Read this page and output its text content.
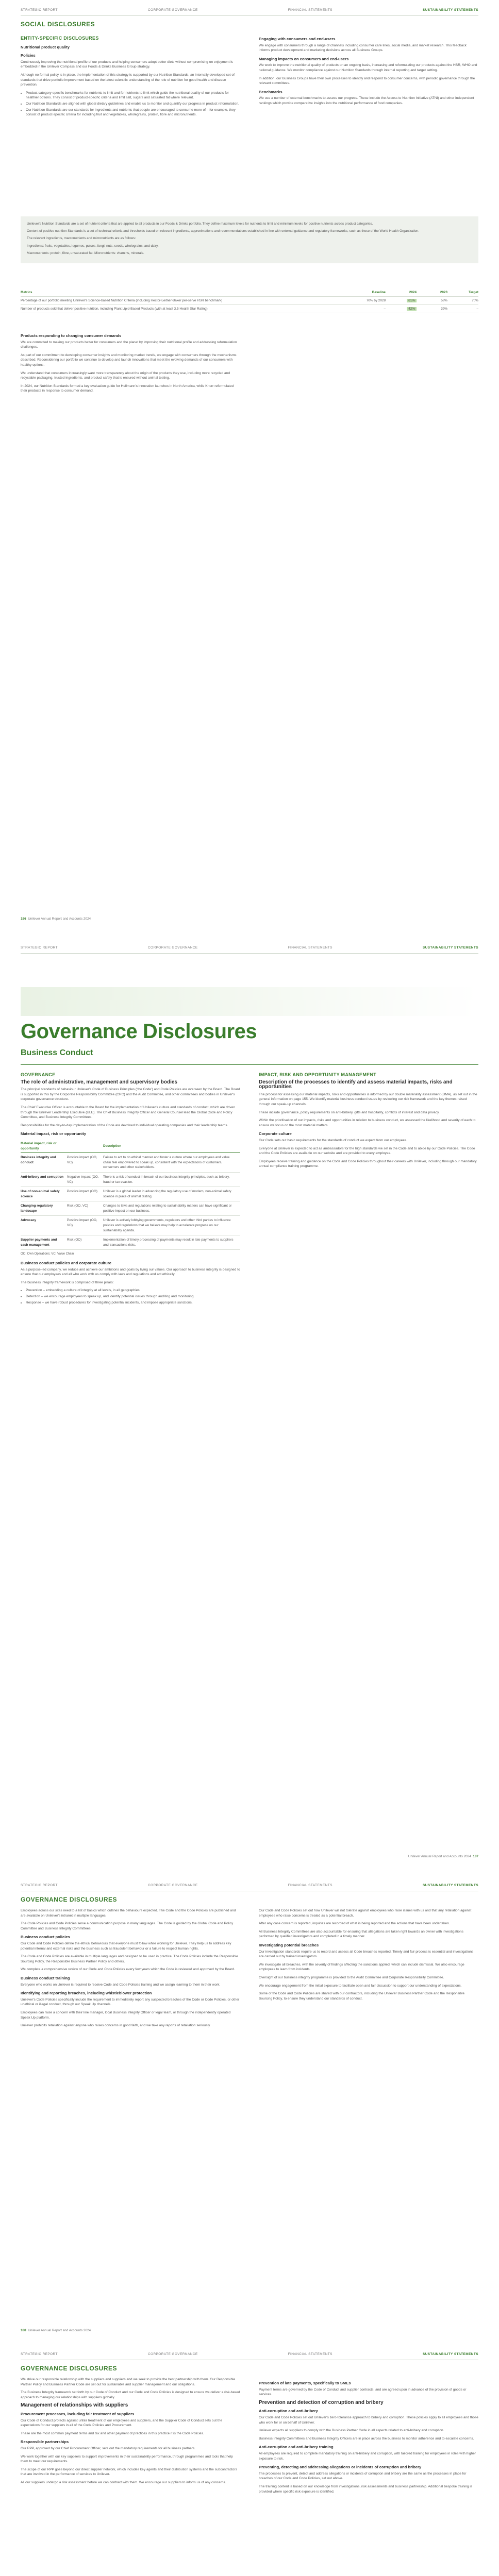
STRATEGIC REPORT	CORPORATE GOVERNANCE	FINANCIAL STATEMENTS	SUSTAINABILITY STATEMENTS
SOCIAL DISCLOSURES
ENTITY-SPECIFIC DISCLOSURES
Nutritional product quality
Policies

Continuously improving the nutritional profile of our products and helping consumers adopt better diets without compromising on enjoyment is embedded in the Unilever Compass and our Foods & Drinks Business Group strategy.

Although no formal policy is in place, the implementation of this strategy is supported by our Nutrition Standards, an internally developed set of standards that drive portfolio improvement based on the latest scientific understanding of the role of nutrition for good health and disease prevention.

• Product category-specific benchmarks for nutrients to limit and for nutrients to limit which guide the nutritional quality of our products for healthier options. They consist of product-specific criteria and limit salt, sugars and saturated fat where relevant.
• Our Nutrition Standards are aligned with global dietary guidelines and enable us to monitor and quantify our progress in product reformulation.
• Our Nutrition Standards are our standards for ingredients and nutrients that people are encouraged to consume more of – for example, they consist of product-specific criteria for including fruit and vegetables, wholegrains, protein, fibre and micronutrients.
Engaging with consumers and end-users

We engage with consumers through a range of channels including consumer care lines, social media, and market research. This feedback informs product development and marketing decisions across all Business Groups.

Managing impacts on consumers and end-users

We work to improve the nutritional quality of products on an ongoing basis, increasing and reformulating our products against the HSR, WHO and national guidance. We monitor compliance against our Nutrition Standards through internal reporting and target setting.

In addition, our Business Groups have their own processes to identify and respond to consumer concerns, with periodic governance through the relevant committees.

Benchmarks

We use a number of external benchmarks to assess our progress. These include the Access to Nutrition Initiative (ATNI) and other independent rankings which provide comparative insights into the nutritional performance of food companies.

Unilever's Nutrition Standards are a set of nutrient criteria that are applied to all products in our Foods & Drinks portfolio. They define maximum levels for nutrients to limit and minimum levels for positive nutrients across product categories.

Content of positive nutrition Standards is a set of technical criteria and thresholds based on relevant ingredients, approximations and recommendations established in line with external guidance and regulatory frameworks, such as those of the World Health Organization.

The relevant ingredients, macronutrients and micronutrients are as follows:

Ingredients: fruits, vegetables, legumes, pulses, fungi, nuts, seeds, wholegrains, and dairy.

Macronutrients: protein, fibre, unsaturated fat. Micronutrients: vitamins, minerals.

Metrics	Baseline	2024	2023	Target
Percentage of our portfolio meeting Unilever's Science-based Nutrition Criteria (including Hector-Leitner-Baker per-serve HSR benchmark)	70% by 2028	61%	58%	70%
Number of products sold that deliver positive nutrition, including Plant Lipid-Based Products (with at least 3.5 Health Star Rating)	–	42%	39%	–
Products responding to changing consumer demands

We are committed to making our products better for consumers and the planet by improving their nutritional profile and addressing reformulation challenges.

As part of our commitment to developing consumer insights and monitoring market trends, we engage with consumers through the mechanisms described. Reconsidering our portfolio we continue to develop and launch innovations that meet the evolving demands of our consumers with healthy options.

We understand that consumers increasingly want more transparency about the origin of the products they use, including more recycled and recyclable packaging, trusted ingredients, and product safety that is ensured without animal testing.

In 2024, our Nutrition Standards formed a key evaluation guide for Hellmann's innovation launches in North America, while Knorr reformulated their products in response to consumer demand.

186 Unilever Annual Report and Accounts 2024
STRATEGIC REPORT	CORPORATE GOVERNANCE	FINANCIAL STATEMENTS	SUSTAINABILITY STATEMENTS
Governance Disclosures
Business Conduct
GOVERNANCE
The role of administrative, management and supervisory bodies

The principal standards of behaviour Unilever's Code of Business Principles ('the Code') and Code Policies are overseen by the Board. The Board is supported in this by the Corporate Responsibility Committee (CRC) and the Audit Committee, and other committees and bodies in Unilever's corporate governance structure.

The Chief Executive Officer is accountable to the Board for the implementation of Unilever's culture and standards of conduct, which are driven through the Unilever Leadership Executive (ULE). The Chief Business Integrity Officer and General Counsel lead the Global Code and Policy Committee, and Business Integrity Committees.

Responsibilities for the day-to-day implementation of the Code are devolved to individual operating companies and their leadership teams.

Material impact, risk or opportunity
Material impact, risk or opportunity		Description
Business integrity and conduct	Positive impact (OO, VC)	Failure to act to do ethical manner and foster a culture where our employees and value chain feel empowered to speak up, consistent with the expectations of customers, consumers and other stakeholders.
Anti-bribery and corruption	Negative impact (OO, VC)	There is a risk of conduct in breach of our business integrity principles, such as bribery, fraud or tax evasion.
Use of non-animal safety science	Positive impact (OO)	Unilever is a global leader in advancing the regulatory use of modern, non-animal safety science in place of animal testing.
Changing regulatory landscape	Risk (OO, VC)	Changes to laws and regulations relating to sustainability matters can have significant or positive impact on our business.
Advocacy	Positive impact (OO, VC)	Unilever is actively lobbying governments, regulators and other third parties to influence policies and regulations that we believe may help to accelerate progress on our sustainability agenda.
Supplier payments and cash management	Risk (OO)	Implementation of timely processing of payments may result in late payments to suppliers and transactions risks.

OO: Own Operations; VC: Value Chain

Business conduct policies and corporate culture

As a purpose-led company, we reduce and achieve our ambitions and goals by living our values. Our approach to business integrity is designed to ensure that our employees and all who work with us comply with laws and regulations and act ethically.

The business integrity framework is comprised of three pillars:

• Prevention – embedding a culture of integrity at all levels, in all geographies.
• Detection – we encourage employees to speak up, and identify potential issues through auditing and monitoring.
• Response – we have robust procedures for investigating potential incidents, and impose appropriate sanctions.
IMPACT, RISK AND OPPORTUNITY MANAGEMENT
Description of the processes to identify and assess material impacts, risks and opportunities

The process for assessing our material impacts, risks and opportunities is informed by our double materiality assessment (DMA), as set out in the general information on page 155. We identify material business conduct issues by reviewing our risk framework and the key themes raised through our speak-up channels.

These include governance, policy requirements on anti-bribery, gifts and hospitality, conflicts of interest and data privacy.

Within the prioritisation of our impacts, risks and opportunities in relation to business conduct, we assessed the likelihood and severity of each to ensure we focus on the most material matters.

Corporate culture

Our Code sets out basic requirements for the standards of conduct we expect from our employees.

Everyone at Unilever is expected to act as ambassadors for the high standards we set in the Code and to abide by our Code Policies. The Code and the Code Policies are available on our website and are provided to every employee.

Employees receive training and guidance on the Code and Code Policies throughout their careers with Unilever, including through our mandatory annual compliance training programme.

Unilever Annual Report and Accounts 2024 187
STRATEGIC REPORT	CORPORATE GOVERNANCE	FINANCIAL STATEMENTS	SUSTAINABILITY STATEMENTS
GOVERNANCE DISCLOSURES

Employees across our sites need to a list of basics which outlines the behaviours expected. The Code and the Code Policies are published and are available on Unilever's intranet in multiple languages.

The Code Policies and Code Policies serve a communication purpose in many languages. The Code is guided by the Global Code and Policy Committee and Business Integrity Committees.

Business conduct policies

Our Code and Code Policies define the ethical behaviours that everyone must follow while working for Unilever. They help us to address key potential internal and external risks and the business such as fraudulent behaviour or a failure to respect human rights.

The Code and Code Policies are available in multiple languages and designed to be used in practice. The Code Policies include the Responsible Sourcing Policy, the Responsible Business Partner Policy and others.

We complete a comprehensive review of our Code and Code Policies every few years which the Code is reviewed and approved by the Board.

Business conduct training

Everyone who works on Unilever is required to receive Code and Code Policies training and we assign learning to them in their work.

Identifying and reporting breaches, including whistleblower protection

Unilever's Code Policies specifically include the requirement to immediately report any suspected breaches of the Code or Code Policies, or other unethical or illegal conduct, through our Speak Up channels.

Employees can raise a concern with their line manager, local Business Integrity Officer or legal team, or through the independently operated Speak Up platform.

Unilever prohibits retaliation against anyone who raises concerns in good faith, and we take any reports of retaliation seriously.

Our Code and Code Policies set out how Unilever will not tolerate against employees who raise issues with us and that any retaliation against employees who raise concerns is treated as a potential breach.

After any case concern is reported, inquiries are recorded of what is being reported and the actions that have been undertaken.

All Business Integrity Committees are also accountable for ensuring that allegations are taken right towards an owner with investigations performed by qualified investigators and completed in a timely manner.

Investigating potential breaches

Our investigation standards require us to record and assess all Code breaches reported. Timely and fair process is essential and investigations are carried out by trained investigators.

We investigate all breaches, with the severity of findings affecting the sanctions applied, which can include dismissal. We also encourage employees to learn from incidents.

Oversight of our business integrity programme is provided to the Audit Committee and Corporate Responsibility Committee.

We encourage engagement from the initial exposure to facilitate open and fair discussion to support our understanding of expectations.

Some of the Code and Code Policies are shared with our contractors, including the Unilever Business Partner Code and the Responsible Sourcing Policy, to ensure they understand our standards of conduct.

188 Unilever Annual Report and Accounts 2024
STRATEGIC REPORT	CORPORATE GOVERNANCE	FINANCIAL STATEMENTS	SUSTAINABILITY STATEMENTS
GOVERNANCE DISCLOSURES

We strive our responsible relationship with the suppliers and suppliers and we seek to provide the best partnership with them. Our Responsible Partner Policy and Business Partner Code are set out for sustainable and supplier management and our obligations.

The Business Integrity framework set forth by our Code of Conduct and our Code and Code Policies is designed to ensure we deliver a risk-based approach to managing our relationships with suppliers globally.

Management of relationships with suppliers
Procurement processes, including fair treatment of suppliers

Our Code of Conduct protects against unfair treatment of our employees and suppliers, and the Supplier Code of Conduct sets out the expectations for our suppliers in all of the Code Policies and Procurement.

These are the most common payment terms and tax and other payment of practices in this practice it is the Code Policies.

Responsible partnerships

Our RPP, approved by our Chief Procurement Officer, sets out the mandatory requirements for all business partners.

We work together with our key suppliers to support improvements in their sustainability performance, through programmes and tools that help them to meet our requirements.

The scope of our RPP goes beyond our direct supplier network, which includes key agents and their distribution systems and the subcontractors that are involved in the performance of services to Unilever.

All our suppliers undergo a risk assessment before we can contract with them. We encourage our suppliers to inform us of any concerns.

Prevention of late payments, specifically to SMEs

Payment terms are governed by the Code of Conduct and supplier contracts, and are agreed upon in advance of the provision of goods or services.

Prevention and detection of corruption and bribery
Anti-corruption and anti-bribery

Our Code and Code Policies set out Unilever's zero-tolerance approach to bribery and corruption. These policies apply to all employees and those who work for or on behalf of Unilever.

Unilever expects all suppliers to comply with the Business Partner Code in all aspects related to anti-bribery and corruption.

Business Integrity Committees and Business Integrity Officers are in place across the business to monitor adherence and to escalate concerns.

Anti-corruption and anti-bribery training

All employees are required to complete mandatory training on anti-bribery and corruption, with tailored training for employees in roles with higher exposure to risk.

Preventing, detecting and addressing allegations or incidents of corruption and bribery

The processes to prevent, detect and address allegations or incidents of corruption and bribery are the same as the processes in place for breaches of our Code and Code Policies, set out above.

The training content is based on our knowledge from investigations, risk assessments and business partnership. Additional bespoke training is provided where specific risk exposure is identified.
